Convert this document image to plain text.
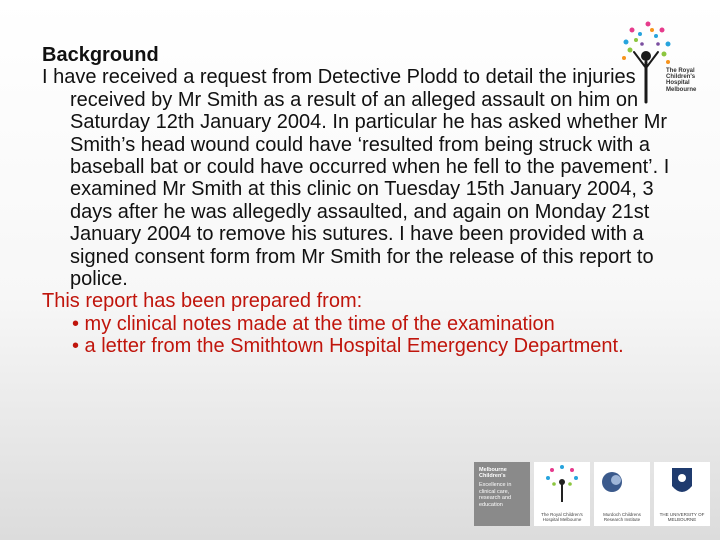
Background

I have received a request from Detective Plodd to detail the injuries received by Mr Smith as a result of an alleged assault on him on Saturday 12th January 2004. In particular he has asked whether Mr Smith’s head wound could have ‘resulted from being struck with a baseball bat or could have occurred when he fell to the pavement’. I examined Mr Smith at this clinic on Tuesday 15th January 2004, 3 days after he was allegedly assaulted, and again on Monday 21st January 2004 to remove his sutures. I have been provided with a signed consent form from Mr Smith for the release of this report to police.

This report has been prepared from:

• my clinical notes made at the time of the examination

• a letter from the Smithtown Hospital Emergency Department.

The Royal
Children's
Hospital
Melbourne
Melbourne
Children's
Excellence in
clinical care,
research and
education
The Royal Children's Hospital Melbourne
Murdoch Childrens Research Institute
THE UNIVERSITY OF MELBOURNE
